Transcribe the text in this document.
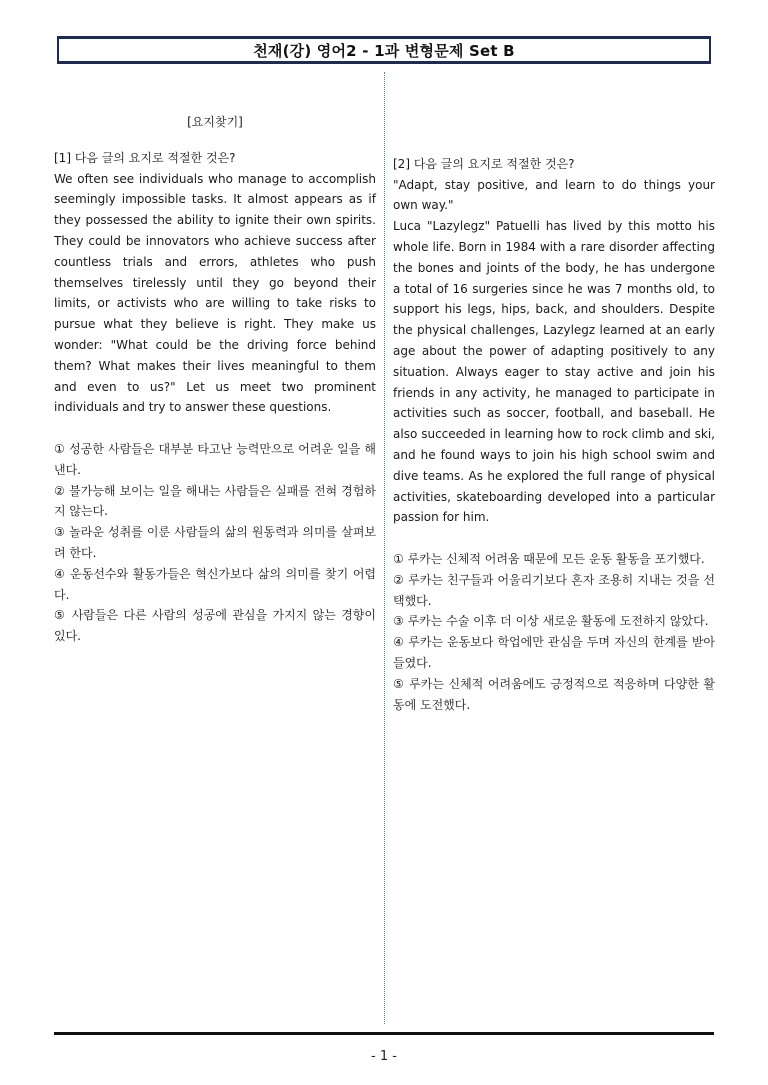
천재(강) 영어2 - 1과 변형문제 Set B
[요지찾기]

[1] 다음 글의 요지로 적절한 것은?

We often see individuals who manage to accomplish seemingly impossible tasks. It almost appears as if they possessed the ability to ignite their own spirits. They could be innovators who achieve success after countless trials and errors, athletes who push themselves tirelessly until they go beyond their limits, or activists who are willing to take risks to pursue what they believe is right. They make us wonder: "What could be the driving force behind them? What makes their lives meaningful to them and even to us?" Let us meet two prominent individuals and try to answer these questions.

① 성공한 사람들은 대부분 타고난 능력만으로 어려운 일을 해낸다.
② 불가능해 보이는 일을 해내는 사람들은 실패를 전혀 경험하지 않는다.
③ 놀라운 성취를 이룬 사람들의 삶의 원동력과 의미를 살펴보려 한다.
④ 운동선수와 활동가들은 혁신가보다 삶의 의미를 찾기 어렵다.
⑤ 사람들은 다른 사람의 성공에 관심을 가지지 않는 경향이 있다.

[2] 다음 글의 요지로 적절한 것은?

"Adapt, stay positive, and learn to do things your own way."

Luca "Lazylegz" Patuelli has lived by this motto his whole life. Born in 1984 with a rare disorder affecting the bones and joints of the body, he has undergone a total of 16 surgeries since he was 7 months old, to support his legs, hips, back, and shoulders. Despite the physical challenges, Lazylegz learned at an early age about the power of adapting positively to any situation. Always eager to stay active and join his friends in any activity, he managed to participate in activities such as soccer, football, and baseball. He also succeeded in learning how to rock climb and ski, and he found ways to join his high school swim and dive teams. As he explored the full range of physical activities, skateboarding developed into a particular passion for him.

① 루카는 신체적 어려움 때문에 모든 운동 활동을 포기했다.
② 루카는 친구들과 어울리기보다 혼자 조용히 지내는 것을 선택했다.
③ 루카는 수술 이후 더 이상 새로운 활동에 도전하지 않았다.
④ 루카는 운동보다 학업에만 관심을 두며 자신의 한계를 받아들였다.
⑤ 루카는 신체적 어려움에도 긍정적으로 적응하며 다양한 활동에 도전했다.
- 1 -
